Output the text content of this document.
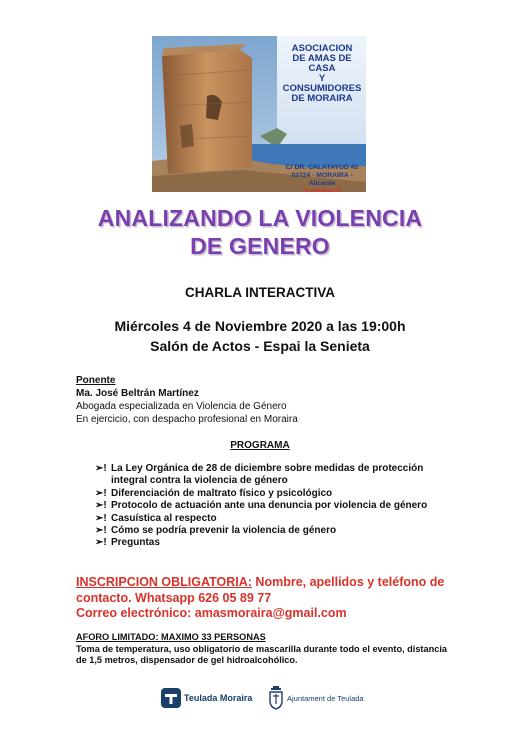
ASOCIACION
DE AMAS DE CASA
Y CONSUMIDORES
DE MORAIRA
C/ DR. CALATAYUD 45
03724 - MORAIRA - Alicante
G-03844479
ANALIZANDO LA VIOLENCIA
DE GENERO
CHARLA INTERACTIVA
Miércoles 4 de Noviembre 2020 a las 19:00h
Salón de Actos - Espai la Senieta
Ponente
Ma. José Beltrán Martínez
Abogada especializada en Violencia de Género
En ejercicio, con despacho profesional en Moraira
PROGRAMA
➢! La Ley Orgánica de 28 de diciembre sobre medidas de protección integral contra la violencia de género
➢! Diferenciación de maltrato físico y psicológico
➢! Protocolo de actuación ante una denuncia por violencia de género
➢! Casuística al respecto
➢! Cómo se podría prevenir la violencia de género
➢! Preguntas
INSCRIPCION OBLIGATORIA: Nombre, apellidos y teléfono de contacto. Whatsapp 626 05 89 77
Correo electrónico: amasmoraira@gmail.com
AFORO LIMITADO: MAXIMO 33 PERSONAS
Toma de temperatura, uso obligatorio de mascarilla durante todo el evento, distancia de 1,5 metros, dispensador de gel hidroalcohólico.
Teulada Moraira	Ajuntament de Teulada
